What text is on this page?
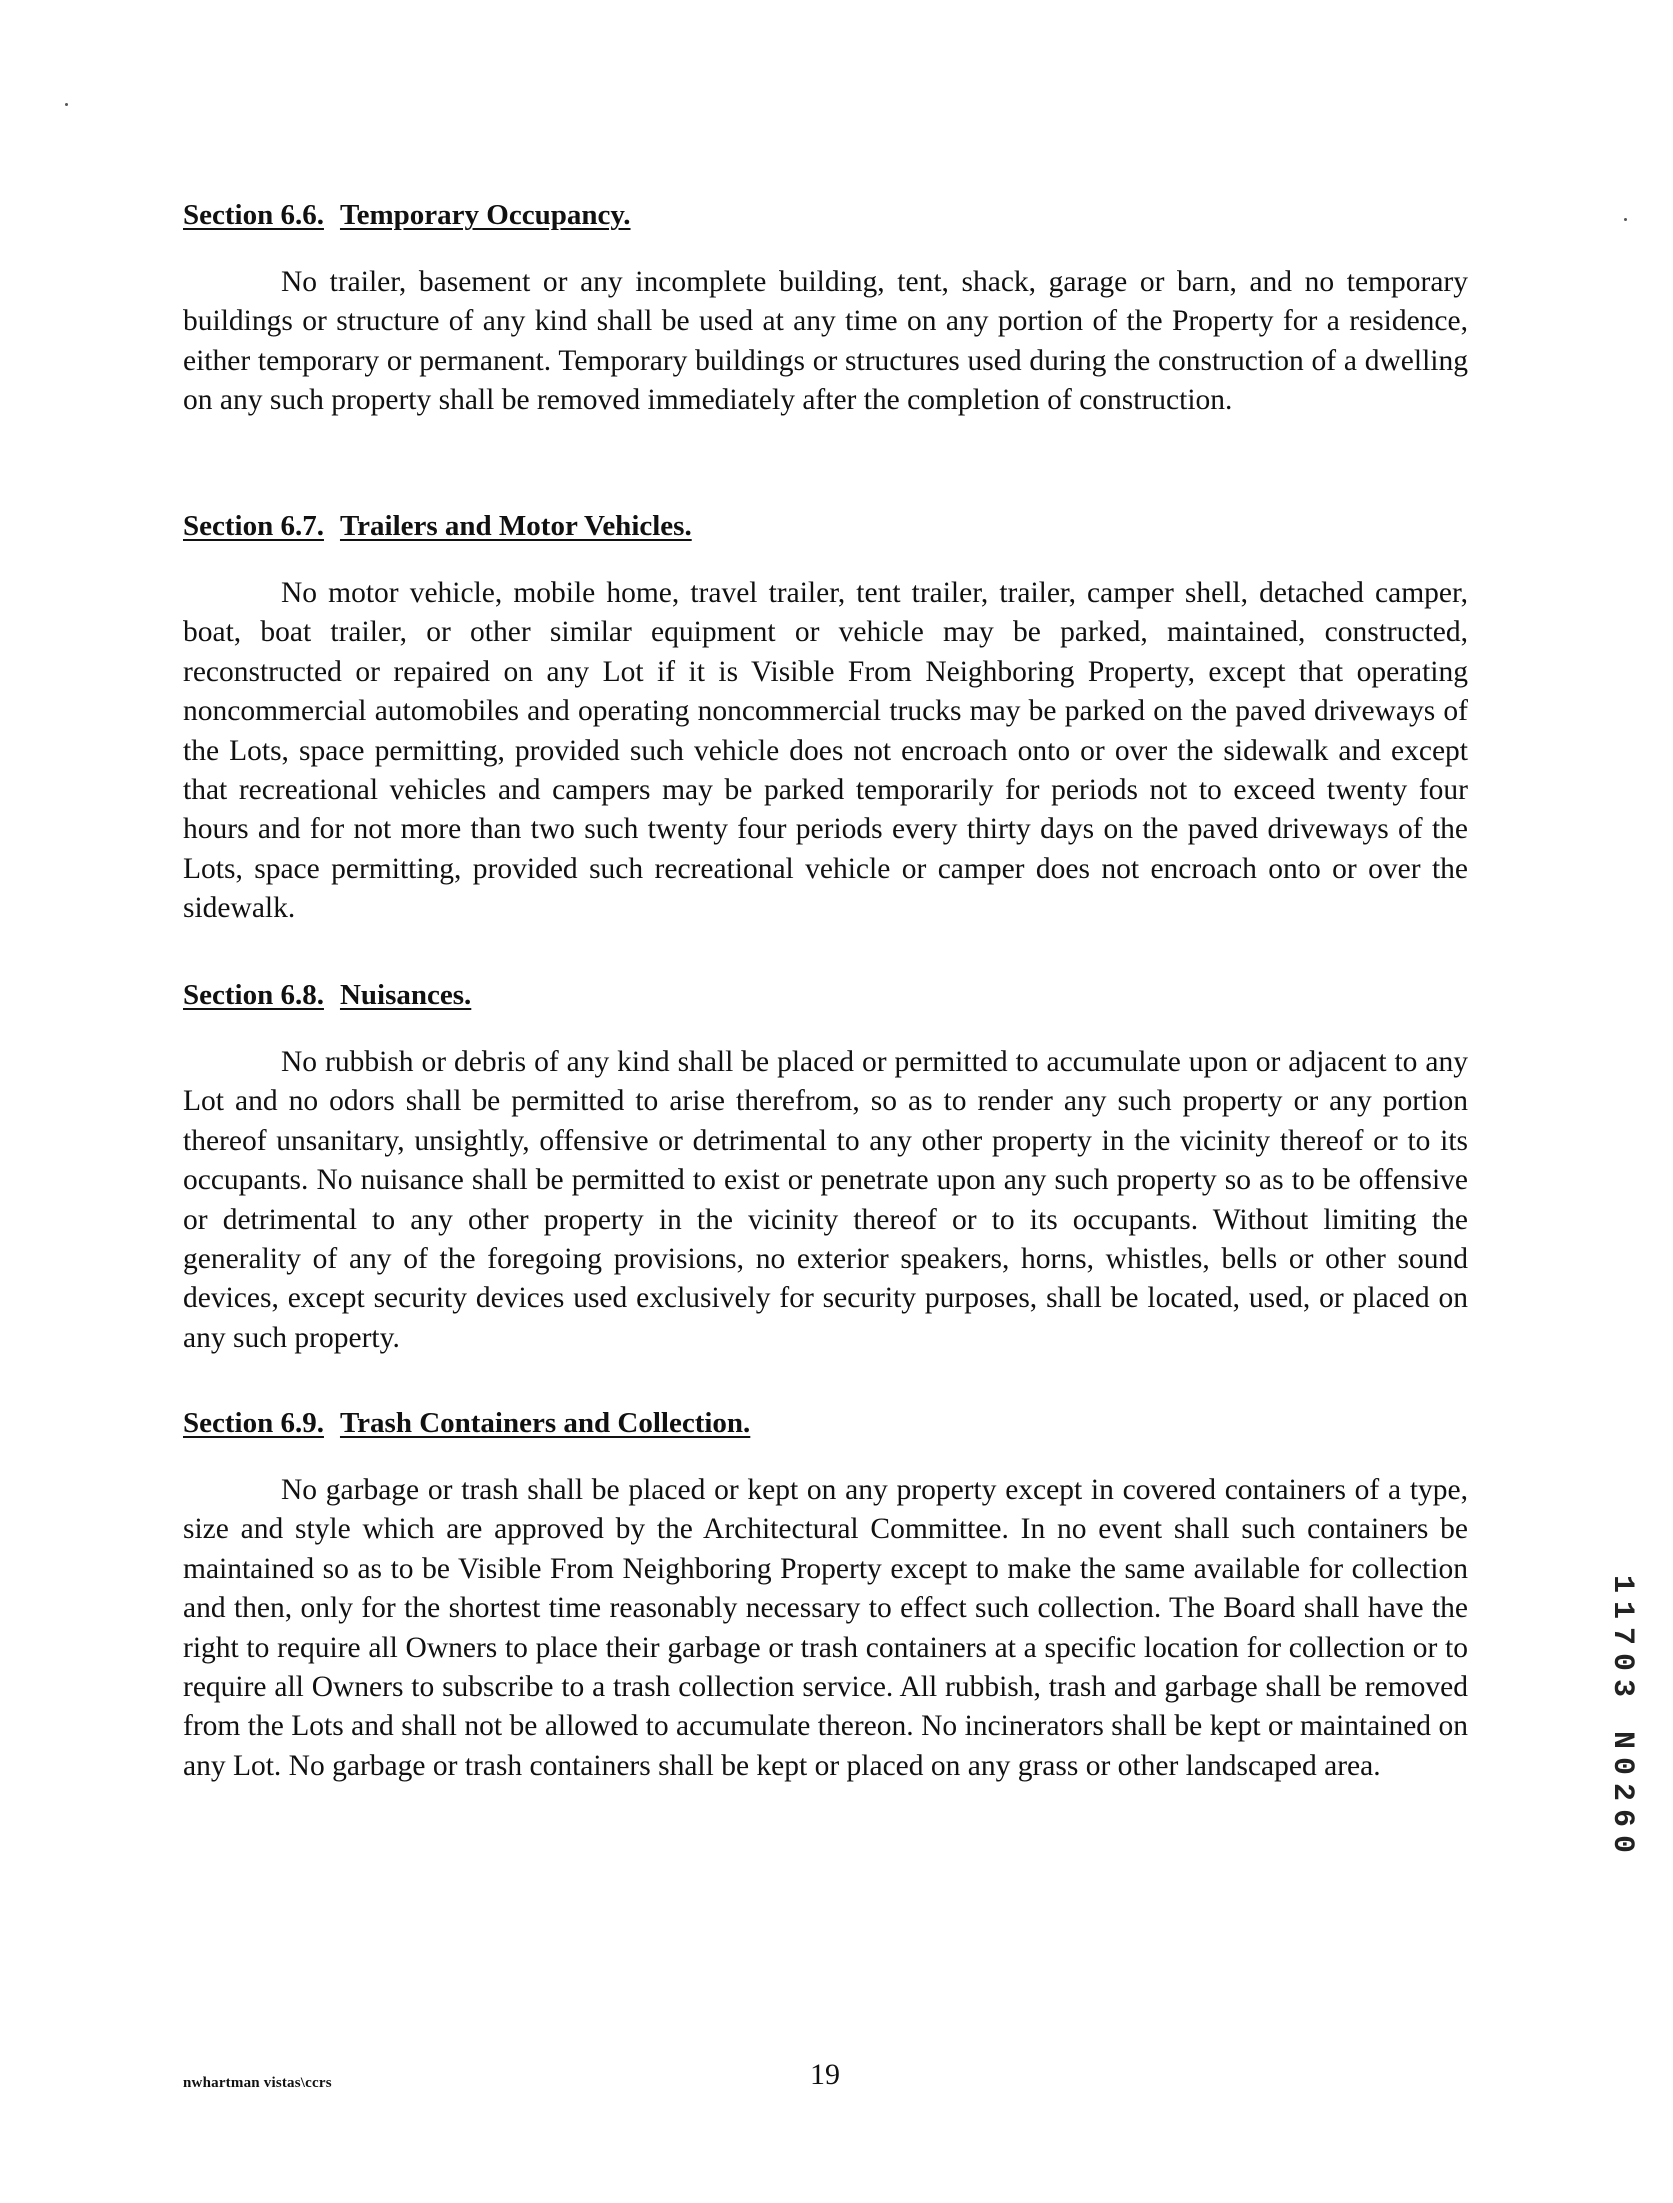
Section 6.6. Temporary Occupancy.

No trailer, basement or any incomplete building, tent, shack, garage or barn, and no temporary buildings or structure of any kind shall be used at any time on any portion of the Property for a residence, either temporary or permanent. Temporary buildings or structures used during the construction of a dwelling on any such property shall be removed immediately after the completion of construction.

Section 6.7. Trailers and Motor Vehicles.

No motor vehicle, mobile home, travel trailer, tent trailer, trailer, camper shell, detached camper, boat, boat trailer, or other similar equipment or vehicle may be parked, maintained, constructed, reconstructed or repaired on any Lot if it is Visible From Neighboring Property, except that operating noncommercial automobiles and operating noncommercial trucks may be parked on the paved driveways of the Lots, space permitting, provided such vehicle does not encroach onto or over the sidewalk and except that recreational vehicles and campers may be parked temporarily for periods not to exceed twenty four hours and for not more than two such twenty four periods every thirty days on the paved driveways of the Lots, space permitting, provided such recreational vehicle or camper does not encroach onto or over the sidewalk.

Section 6.8. Nuisances.

No rubbish or debris of any kind shall be placed or permitted to accumulate upon or adjacent to any Lot and no odors shall be permitted to arise therefrom, so as to render any such property or any portion thereof unsanitary, unsightly, offensive or detrimental to any other property in the vicinity thereof or to its occupants. No nuisance shall be permitted to exist or penetrate upon any such property so as to be offensive or detrimental to any other property in the vicinity thereof or to its occupants. Without limiting the generality of any of the foregoing provisions, no exterior speakers, horns, whistles, bells or other sound devices, except security devices used exclusively for security purposes, shall be located, used, or placed on any such property.

Section 6.9. Trash Containers and Collection.

No garbage or trash shall be placed or kept on any property except in covered containers of a type, size and style which are approved by the Architectural Committee. In no event shall such containers be maintained so as to be Visible From Neighboring Property except to make the same available for collection and then, only for the shortest time reasonably necessary to effect such collection. The Board shall have the right to require all Owners to place their garbage or trash containers at a specific location for collection or to require all Owners to subscribe to a trash collection service. All rubbish, trash and garbage shall be removed from the Lots and shall not be allowed to accumulate thereon. No incinerators shall be kept or maintained on any Lot. No garbage or trash containers shall be kept or placed on any grass or other landscaped area.

nwhartman vistas\ccrs	19
11703 N0260
